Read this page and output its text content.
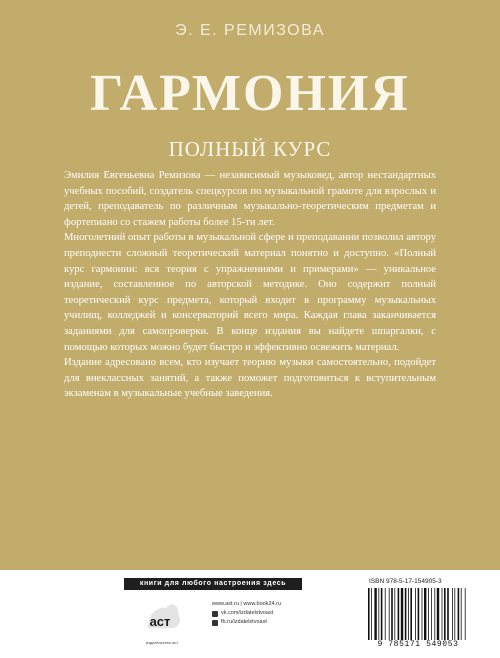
Э. Е. РЕМИЗОВА
ГАРМОНИЯ
ПОЛНЫЙ КУРС

Эмилия Евгеньевна Ремизова — независимый музыковед, автор нестандартных учебных пособий, создатель спецкурсов по музыкальной грамоте для взрослых и детей, преподаватель по различным музыкально-теоретическим предметам и фортепиано со стажем работы более 15-ти лет.

Многолетний опыт работы в музыкальной сфере и преподавании позволил автору преподнести сложный теоретический материал понятно и доступно. «Полный курс гармонии: вся теория с упражнениями и примерами» — уникальное издание, составленное по авторской методике. Оно содержит полный теоретический курс предмета, который входит в программу музыкальных училищ, колледжей и консерваторий всего мира. Каждая глава заканчивается заданиями для самопроверки. В конце издания вы найдете шпаргалки, с помощью которых можно будет быстро и эффективно освежить материал.

Издание адресовано всем, кто изучает теорию музыки самостоятельно, подойдет для внеклассных занятий, а также поможет подготовиться к вступительным экзаменам в музыкальные учебные заведения.

книги для любого настроения здесь
аст
издательство аст
www.ast.ru | www.book24.ru
vk.com/izdatelstvoast
fb.ru/izdatelstvoast
ISBN 978-5-17-154905-3
9 785171 549053
